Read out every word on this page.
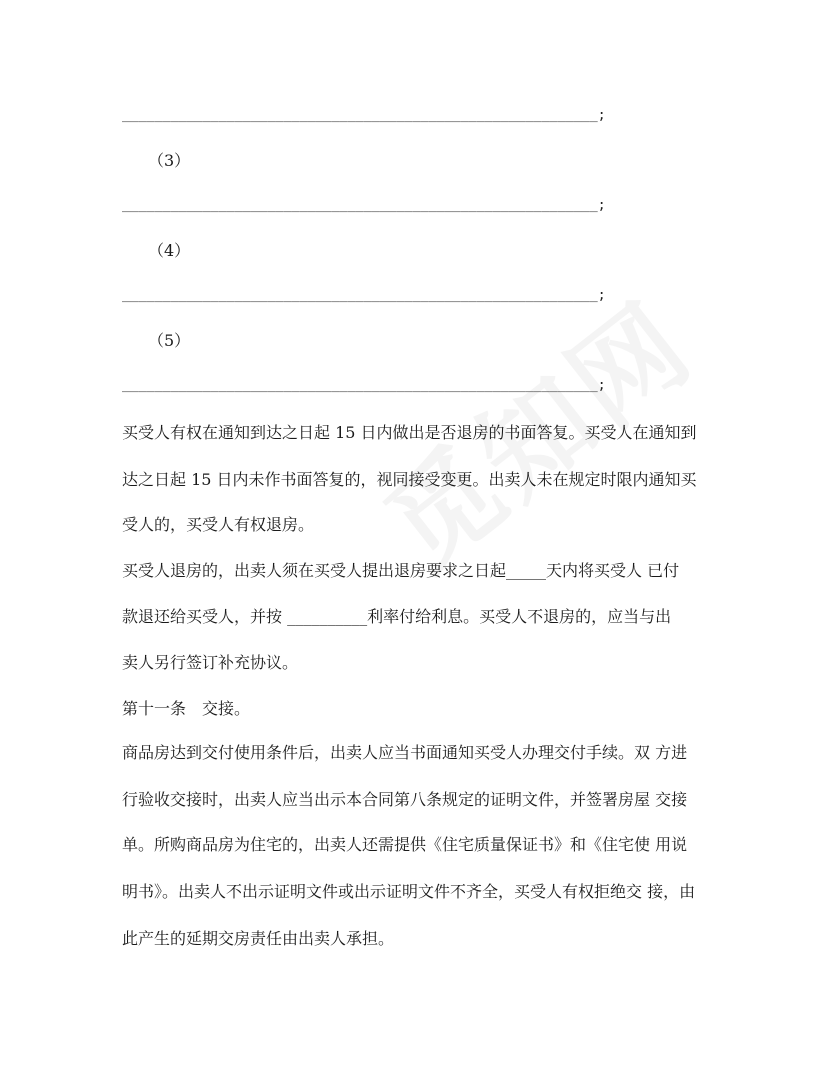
___________________________________________________________;
（3）
___________________________________________________________;
（4）
___________________________________________________________;
（5）
___________________________________________________________;
买受人有权在通知到达之日起 15 日内做出是否退房的书面答复。买受人在通知到
达之日起 15 日内未作书面答复的，视同接受变更。出卖人未在规定时限内通知买
受人的，买受人有权退房。
买受人退房的，出卖人须在买受人提出退房要求之日起_____天内将买受人 已付
款退还给买受人，并按 __________利率付给利息。买受人不退房的，应当与出
卖人另行签订补充协议。
第十一条　交接。
商品房达到交付使用条件后，出卖人应当书面通知买受人办理交付手续。双 方进
行验收交接时，出卖人应当出示本合同第八条规定的证明文件，并签署房屋 交接
单。所购商品房为住宅的，出卖人还需提供《住宅质量保证书》和《住宅使 用说
明书》。出卖人不出示证明文件或出示证明文件不齐全，买受人有权拒绝交 接，由
此产生的延期交房责任由出卖人承担。
